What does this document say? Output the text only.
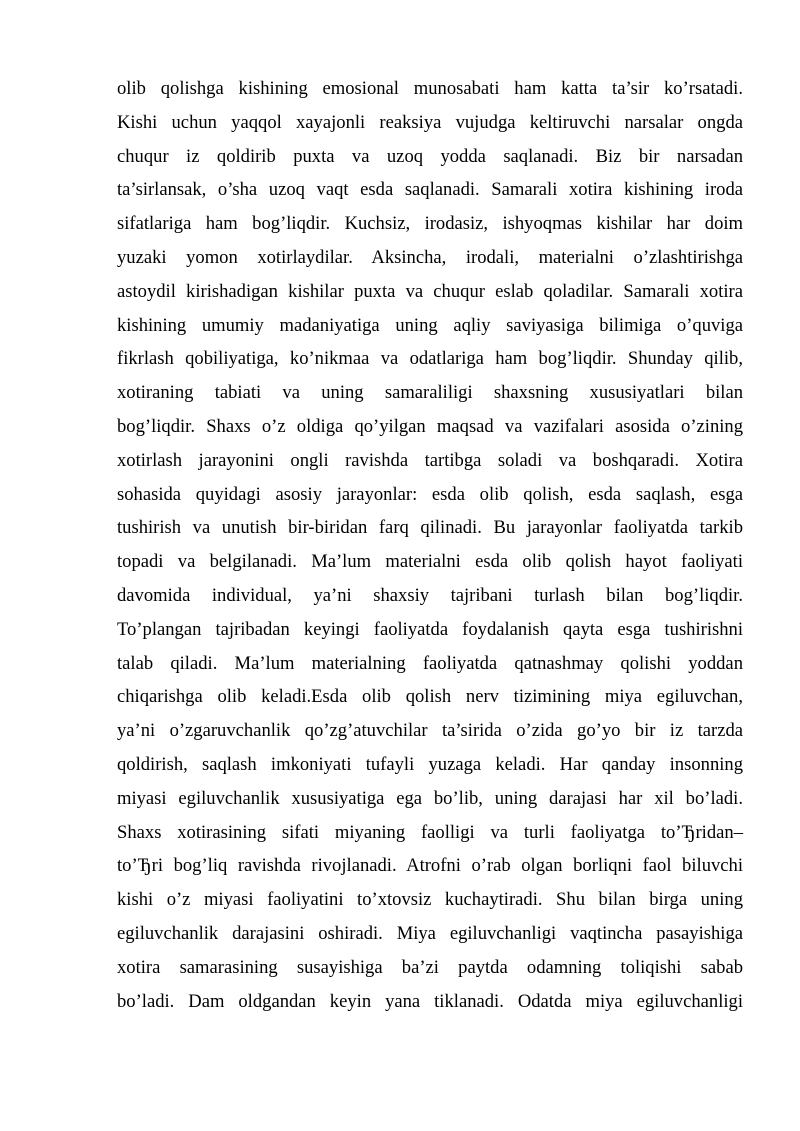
olib qolishga kishining emosional munosabati ham katta ta’sir ko’rsatadi.
Kishi uchun yaqqol xayajonli reaksiya vujudga keltiruvchi narsalar ongda
chuqur iz qoldirib puxta va uzoq yodda saqlanadi. Biz bir narsadan
ta’sirlansak, o’sha uzoq vaqt esda saqlanadi. Samarali xotira kishining iroda
sifatlariga ham bog’liqdir. Kuchsiz, irodasiz, ishyoqmas kishilar har doim
yuzaki yomon xotirlaydilar. Aksincha, irodali, materialni o’zlashtirishga
astoydil kirishadigan kishilar puxta va chuqur eslab qoladilar. Samarali xotira
kishining umumiy madaniyatiga uning aqliy saviyasiga bilimiga o’quviga
fikrlash qobiliyatiga, ko’nikmaa va odatlariga ham bog’liqdir. Shunday qilib,
xotiraning tabiati va uning samaraliligi shaxsning xususiyatlari bilan
bog’liqdir. Shaxs o’z oldiga qo’yilgan maqsad va vazifalari asosida o’zining
xotirlash jarayonini ongli ravishda tartibga soladi va boshqaradi. Xotira
sohasida quyidagi asosiy jarayonlar: esda olib qolish, esda saqlash, esga
tushirish va unutish bir-biridan farq qilinadi. Bu jarayonlar faoliyatda tarkib
topadi va belgilanadi. Ma’lum materialni esda olib qolish hayot faoliyati
davomida individual, ya’ni shaxsiy tajribani turlash bilan bog’liqdir.
To’plangan tajribadan keyingi faoliyatda foydalanish qayta esga tushirishni
talab qiladi. Ma’lum materialning faoliyatda qatnashmay qolishi yoddan
chiqarishga olib keladi.Esda olib qolish nerv tizimining miya egiluvchan,
ya’ni o’zgaruvchanlik qo’zg’atuvchilar ta’sirida o’zida go’yo bir iz tarzda
qoldirish, saqlash imkoniyati tufayli yuzaga keladi. Har qanday insonning
miyasi egiluvchanlik xususiyatiga ega bo’lib, uning darajasi har xil bo’ladi.
Shaxs xotirasining sifati miyaning faolligi va turli faoliyatga to’Ђridan–
to’Ђri bog’liq ravishda rivojlanadi. Atrofni o’rab olgan borliqni faol biluvchi
kishi o’z miyasi faoliyatini to’xtovsiz kuchaytiradi. Shu bilan birga uning
egiluvchanlik darajasini oshiradi. Miya egiluvchanligi vaqtincha pasayishiga
xotira samarasining susayishiga ba’zi paytda odamning toliqishi sabab
bo’ladi. Dam oldgandan keyin yana tiklanadi. Odatda miya egiluvchanligi
